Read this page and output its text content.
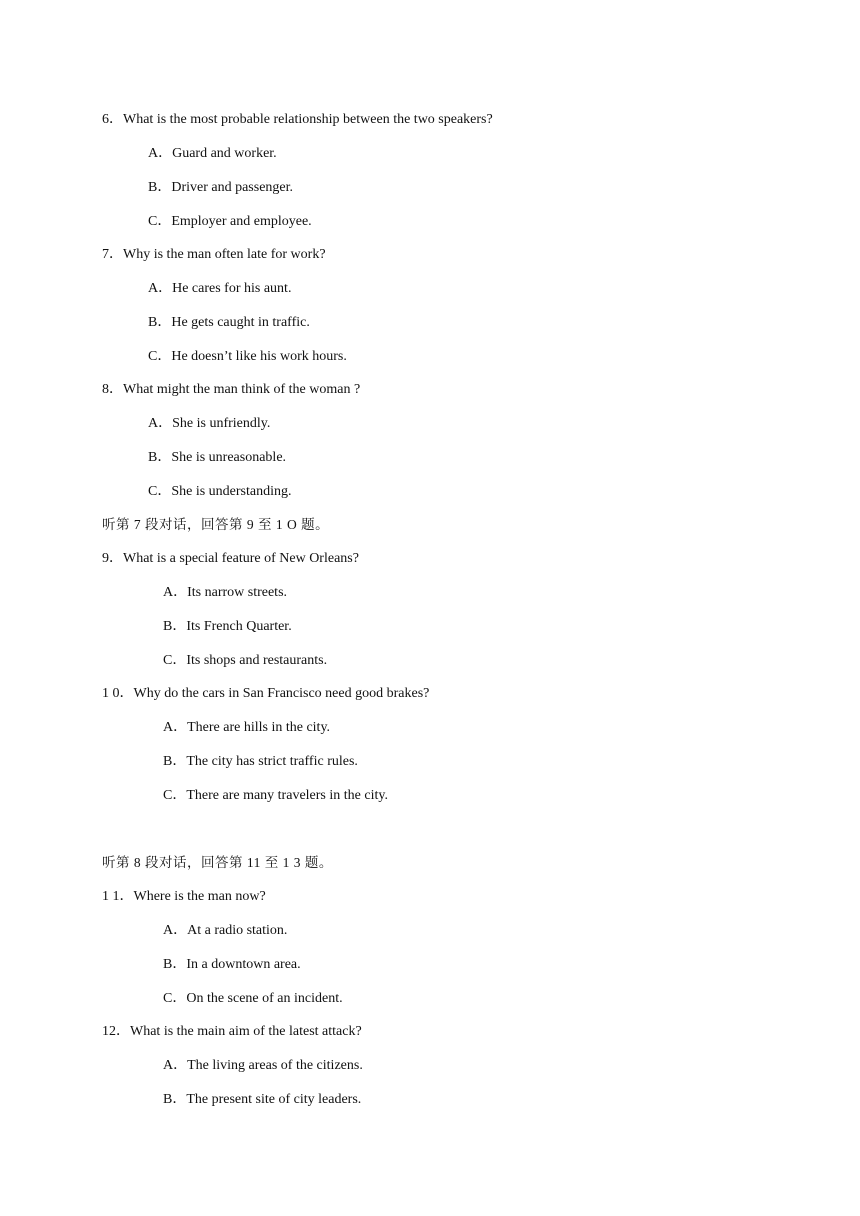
6．What is the most probable relationship between the two speakers?
A．Guard and worker.
B．Driver and passenger.
C．Employer and employee.
7．Why is the man often late for work?
A．He cares for his aunt.
B．He gets caught in traffic.
C．He doesn’t like his work hours.
8．What might the man think of the woman ?
A．She is unfriendly.
B．She is unreasonable.
C．She is understanding.
听第 7 段对话，回答第 9 至 1 O 题。
9．What is a special feature of New Orleans?
A．Its narrow streets.
B．Its French Quarter.
C．Its shops and restaurants.
1 0．Why do the cars in San Francisco need good brakes?
A．There are hills in the city.
B．The city has strict traffic rules.
C．There are many travelers in the city.
听第 8 段对话，回答第 11 至 1 3 题。
1 1．Where is the man now?
A．At a radio station.
B．In a downtown area.
C．On the scene of an incident.
12．What is the main aim of the latest attack?
A．The living areas of the citizens.
B．The present site of city leaders.
